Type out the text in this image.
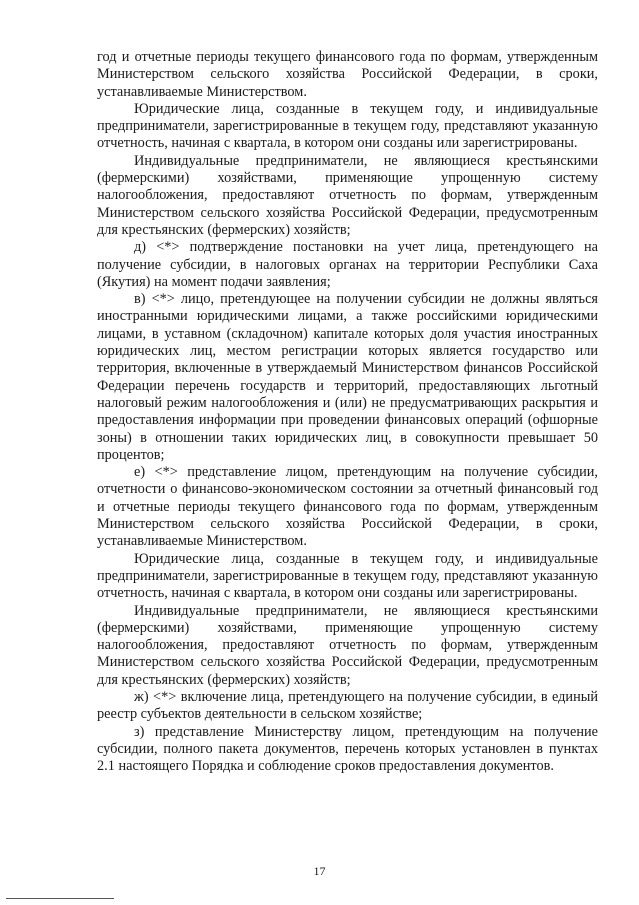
год и отчетные периоды текущего финансового года по формам, утвержденным Министерством сельского хозяйства Российской Федерации, в сроки, устанавливаемые Министерством.

Юридические лица, созданные в текущем году, и индивидуальные предприниматели, зарегистрированные в текущем году, представляют указанную отчетность, начиная с квартала, в котором они созданы или зарегистрированы.

Индивидуальные предприниматели, не являющиеся крестьянскими (фермерскими) хозяйствами, применяющие упрощенную систему налогообложения, предоставляют отчетность по формам, утвержденным Министерством сельского хозяйства Российской Федерации, предусмотренным для крестьянских (фермерских) хозяйств;

д) <*> подтверждение постановки на учет лица, претендующего на получение субсидии, в налоговых органах на территории Республики Саха (Якутия) на момент подачи заявления;

в) <*> лицо, претендующее на получении субсидии не должны являться иностранными юридическими лицами, а также российскими юридическими лицами, в уставном (складочном) капитале которых доля участия иностранных юридических лиц, местом регистрации которых является государство или территория, включенные в утверждаемый Министерством финансов Российской Федерации перечень государств и территорий, предоставляющих льготный налоговый режим налогообложения и (или) не предусматривающих раскрытия и предоставления информации при проведении финансовых операций (офшорные зоны) в отношении таких юридических лиц, в совокупности превышает 50 процентов;

е) <*> представление лицом, претендующим на получение субсидии, отчетности о финансово-экономическом состоянии за отчетный финансовый год и отчетные периоды текущего финансового года по формам, утвержденным Министерством сельского хозяйства Российской Федерации, в сроки, устанавливаемые Министерством.

Юридические лица, созданные в текущем году, и индивидуальные предприниматели, зарегистрированные в текущем году, представляют указанную отчетность, начиная с квартала, в котором они созданы или зарегистрированы.

Индивидуальные предприниматели, не являющиеся крестьянскими (фермерскими) хозяйствами, применяющие упрощенную систему налогообложения, предоставляют отчетность по формам, утвержденным Министерством сельского хозяйства Российской Федерации, предусмотренным для крестьянских (фермерских) хозяйств;

ж) <*> включение лица, претендующего на получение субсидии, в единый реестр субъектов деятельности в сельском хозяйстве;

з) представление Министерству лицом, претендующим на получение субсидии, полного пакета документов, перечень которых установлен в пунктах 2.1 настоящего Порядка и соблюдение сроков предоставления документов.

17
